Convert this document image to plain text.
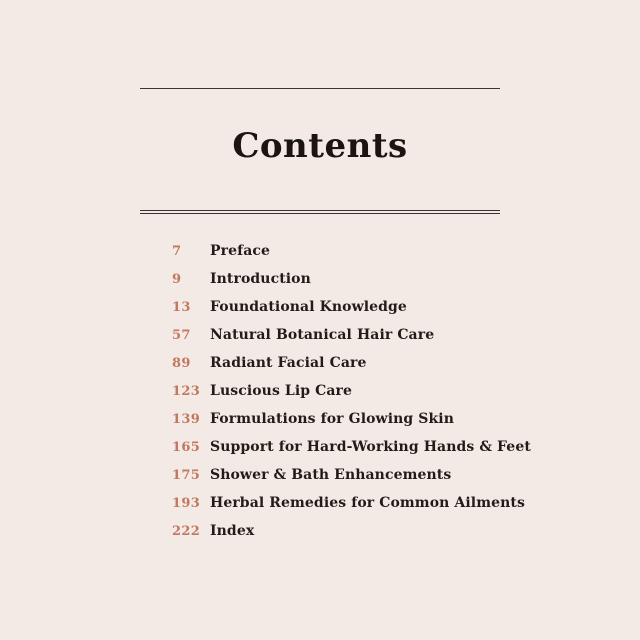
Contents
7	Preface
9	Introduction
13	Foundational Knowledge
57	Natural Botanical Hair Care
89	Radiant Facial Care
123 Luscious Lip Care
139 Formulations for Glowing Skin
165 Support for Hard-Working Hands & Feet
175 Shower & Bath Enhancements
193 Herbal Remedies for Common Ailments
222 Index
